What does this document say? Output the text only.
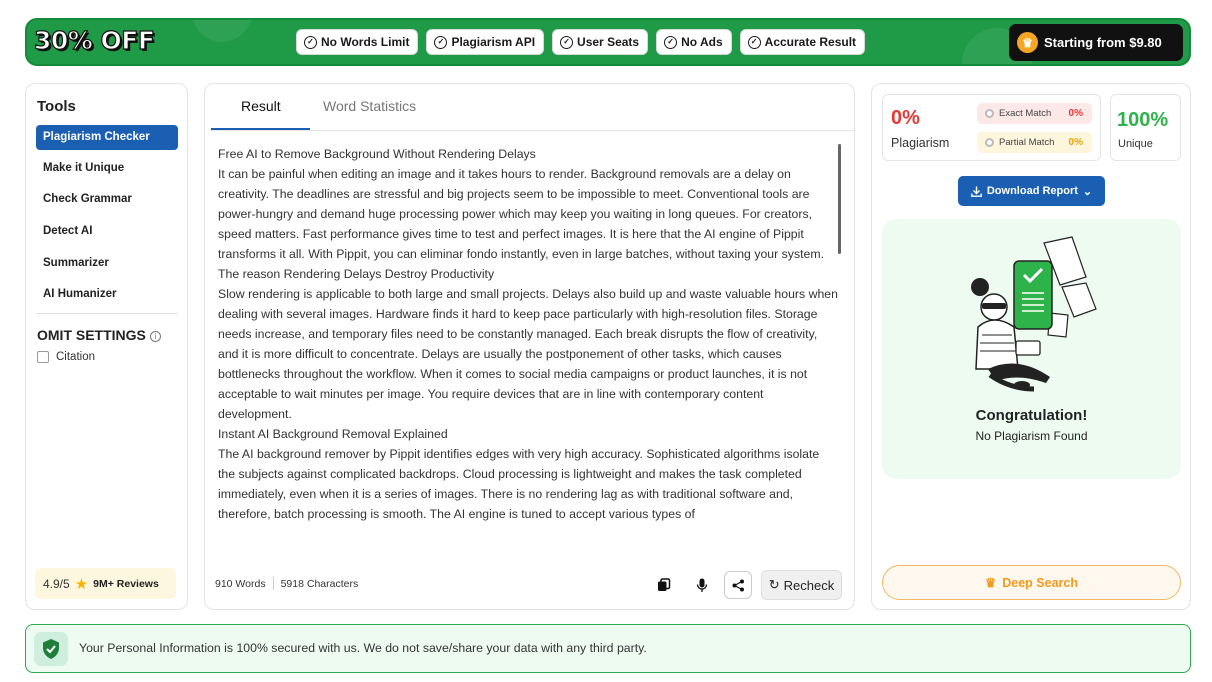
30% OFF	✓ No Words Limit	✓ Plagiarism API	✓ User Seats	✓ No Ads	✓ Accurate Result	♛ Starting from $9.80
Tools
Plagiarism Checker
Make it Unique
Check Grammar
Detect AI
Summarizer
AI Humanizer
OMIT SETTINGS i
Citation
4.9/5 ★ 9M+ Reviews
Result	Word Statistics

Free AI to Remove Background Without Rendering Delays

It can be painful when editing an image and it takes hours to render. Background removals are a delay on creativity. The deadlines are stressful and big projects seem to be impossible to meet. Conventional tools are power-hungry and demand huge processing power which may keep you waiting in long queues. For creators, speed matters. Fast performance gives time to test and perfect images. It is here that the AI engine of Pippit transforms it all. With Pippit, you can eliminar fondo instantly, even in large batches, without taxing your system.

The reason Rendering Delays Destroy Productivity

Slow rendering is applicable to both large and small projects. Delays also build up and waste valuable hours when dealing with several images. Hardware finds it hard to keep pace particularly with high-resolution files. Storage needs increase, and temporary files need to be constantly managed. Each break disrupts the flow of creativity, and it is more difficult to concentrate. Delays are usually the postponement of other tasks, which causes bottlenecks throughout the workflow. When it comes to social media campaigns or product launches, it is not acceptable to wait minutes per image. You require devices that are in line with contemporary content development.

Instant AI Background Removal Explained

The AI background remover by Pippit identifies edges with very high accuracy. Sophisticated algorithms isolate the subjects against complicated backdrops. Cloud processing is lightweight and makes the task completed immediately, even when it is a series of images. There is no rendering lag as with traditional software and, therefore, batch processing is smooth. The AI engine is tuned to accept various types of

910 Words 5918 Characters	↻ Recheck
0%
Plagiarism
Exact Match 0%
Partial Match 0%
100%
Unique
Download Report ⌄
Congratulation!
No Plagiarism Found
♛ Deep Search
Your Personal Information is 100% secured with us. We do not save/share your data with any third party.
